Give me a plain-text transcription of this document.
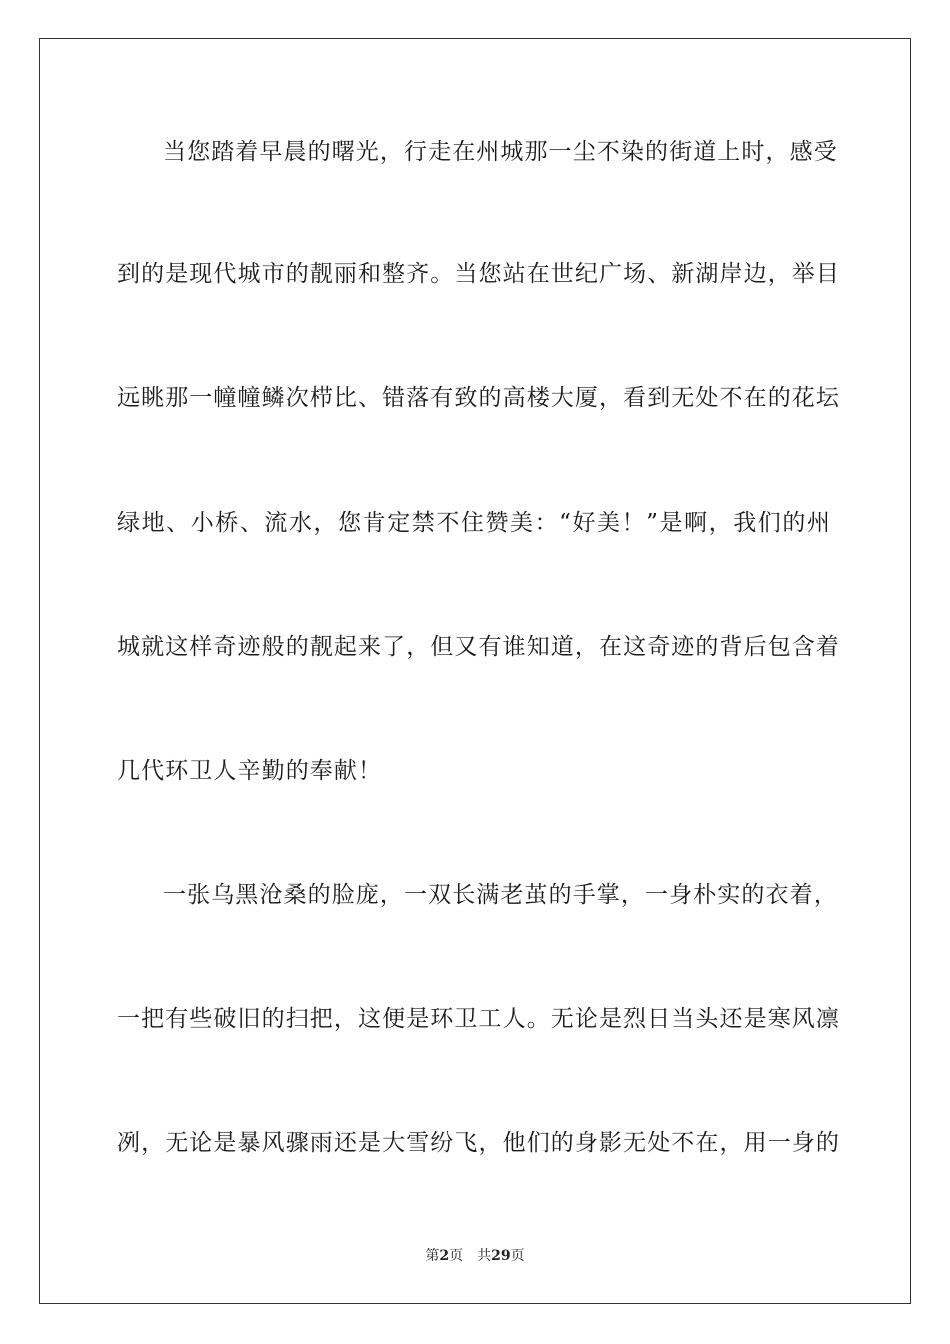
当您踏着早晨的曙光，行走在州城那一尘不染的街道上时，感受
到的是现代城市的靓丽和整齐。当您站在世纪广场、新湖岸边，举目
远眺那一幢幢鳞次栉比、错落有致的高楼大厦，看到无处不在的花坛
绿地、小桥、流水，您肯定禁不住赞美：“好美！”是啊，我们的州
城就这样奇迹般的靓起来了，但又有谁知道，在这奇迹的背后包含着
几代环卫人辛勤的奉献！
一张乌黑沧桑的脸庞，一双长满老茧的手掌，一身朴实的衣着，
一把有些破旧的扫把，这便是环卫工人。无论是烈日当头还是寒风凛
冽，无论是暴风骤雨还是大雪纷飞，他们的身影无处不在，用一身的
第2页 共29页
